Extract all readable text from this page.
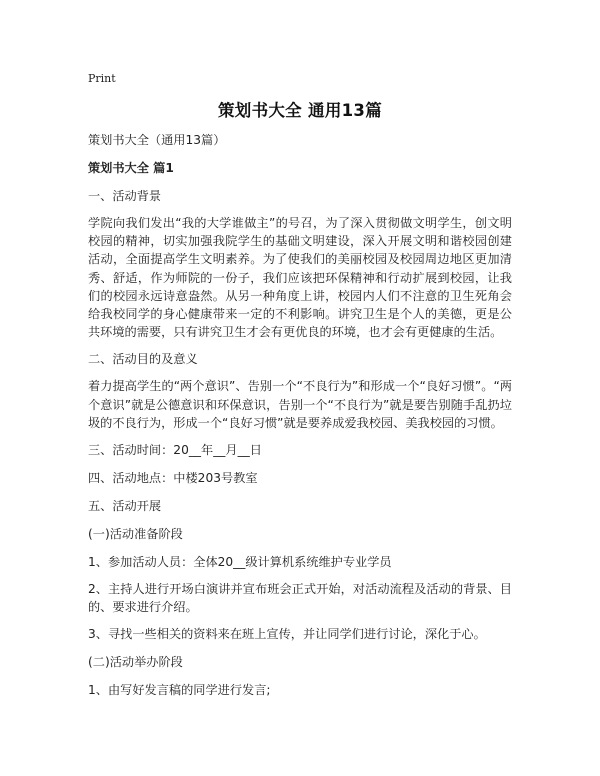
Print

策划书大全 通用13篇

策划书大全（通用13篇）

策划书大全 篇1

一、活动背景

学院向我们发出“我的大学谁做主”的号召，为了深入贯彻做文明学生，创文明校园的精神，切实加强我院学生的基础文明建设，深入开展文明和谐校园创建活动，全面提高学生文明素养。为了使我们的美丽校园及校园周边地区更加清秀、舒适，作为师院的一份子，我们应该把环保精神和行动扩展到校园，让我们的校园永远诗意盎然。从另一种角度上讲，校园内人们不注意的卫生死角会给我校同学的身心健康带来一定的不利影响。讲究卫生是个人的美德，更是公共环境的需要，只有讲究卫生才会有更优良的环境，也才会有更健康的生活。

二、活动目的及意义

着力提高学生的“两个意识”、告别一个“不良行为”和形成一个“良好习惯”。“两个意识”就是公德意识和环保意识，告别一个“不良行为”就是要告别随手乱扔垃圾的不良行为，形成一个“良好习惯”就是要养成爱我校园、美我校园的习惯。

三、活动时间：20__年__月__日

四、活动地点：中楼203号教室

五、活动开展

(一)活动准备阶段

1、参加活动人员：全体20__级计算机系统维护专业学员

2、主持人进行开场白演讲并宣布班会正式开始，对活动流程及活动的背景、目的、要求进行介绍。

3、寻找一些相关的资料来在班上宣传，并让同学们进行讨论，深化于心。

(二)活动举办阶段

1、由写好发言稿的同学进行发言;
